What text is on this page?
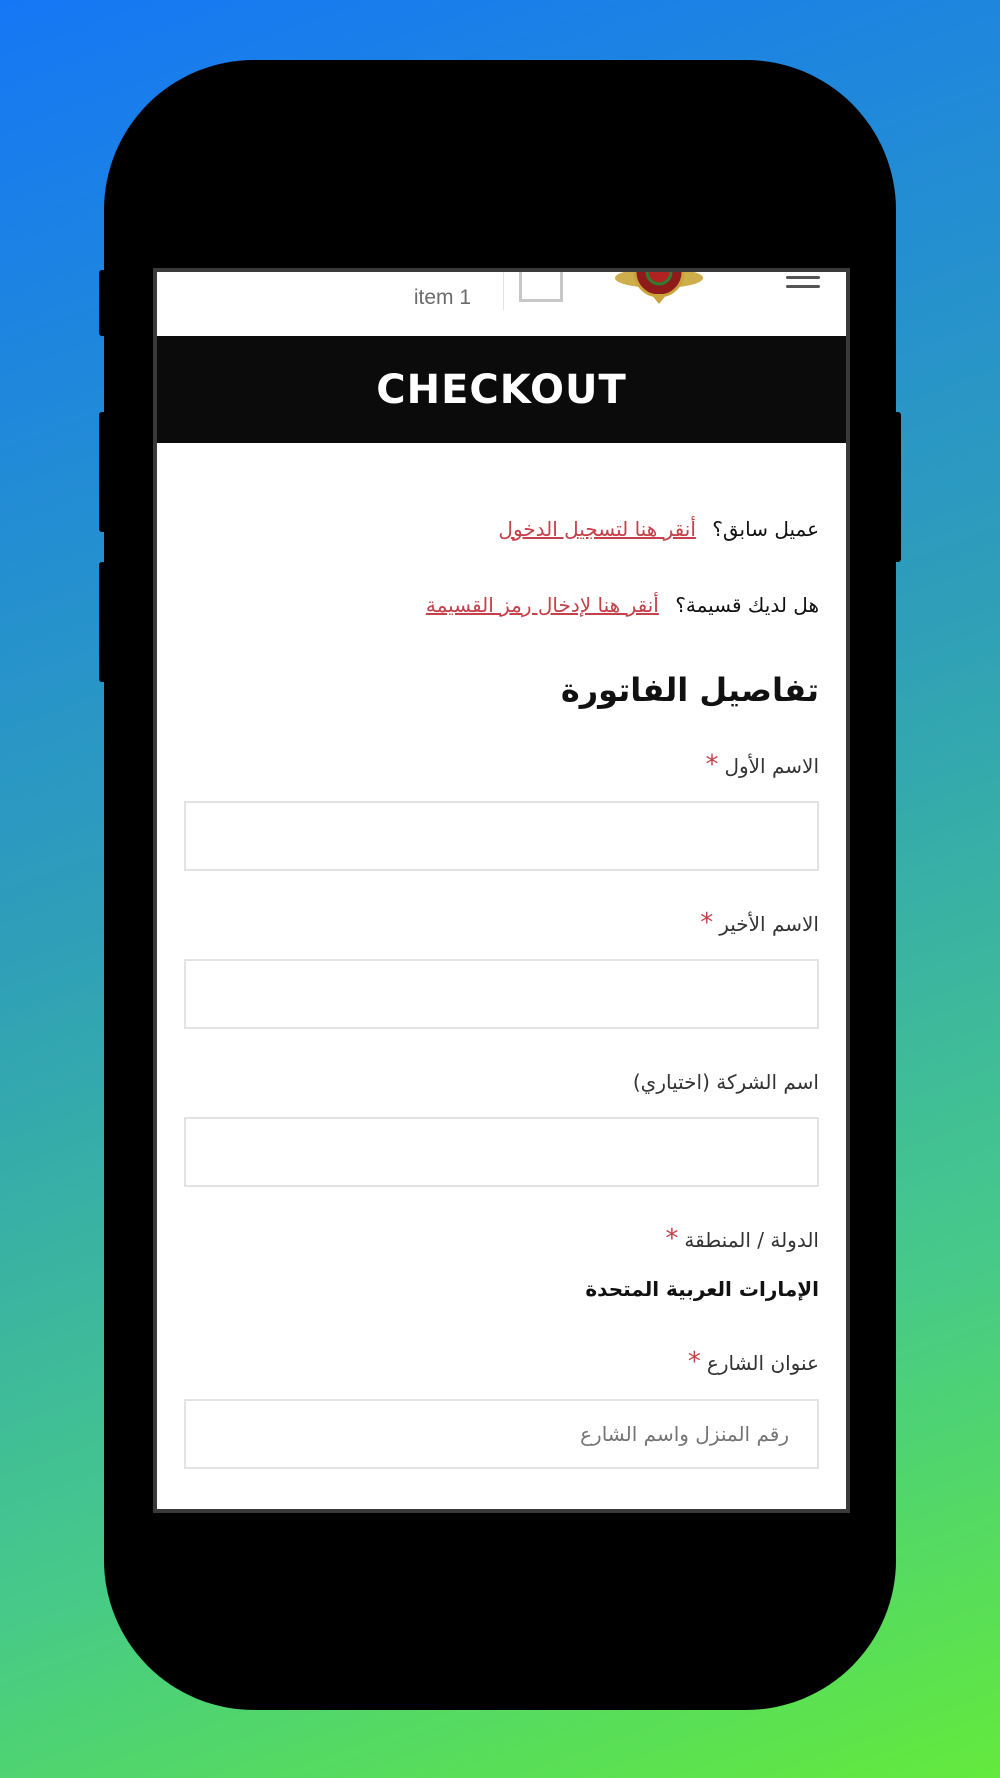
item 1
CHECKOUT
عميل سابق؟ أنقر هنا لتسجيل الدخول
هل لديك قسيمة؟ أنقر هنا لإدخال رمز القسيمة
تفاصيل الفاتورة
الاسم الأول*
الاسم الأخير*
اسم الشركة (اختياري)
الدولة / المنطقة*
الإمارات العربية المتحدة
عنوان الشارع*
رقم المنزل واسم الشارع
